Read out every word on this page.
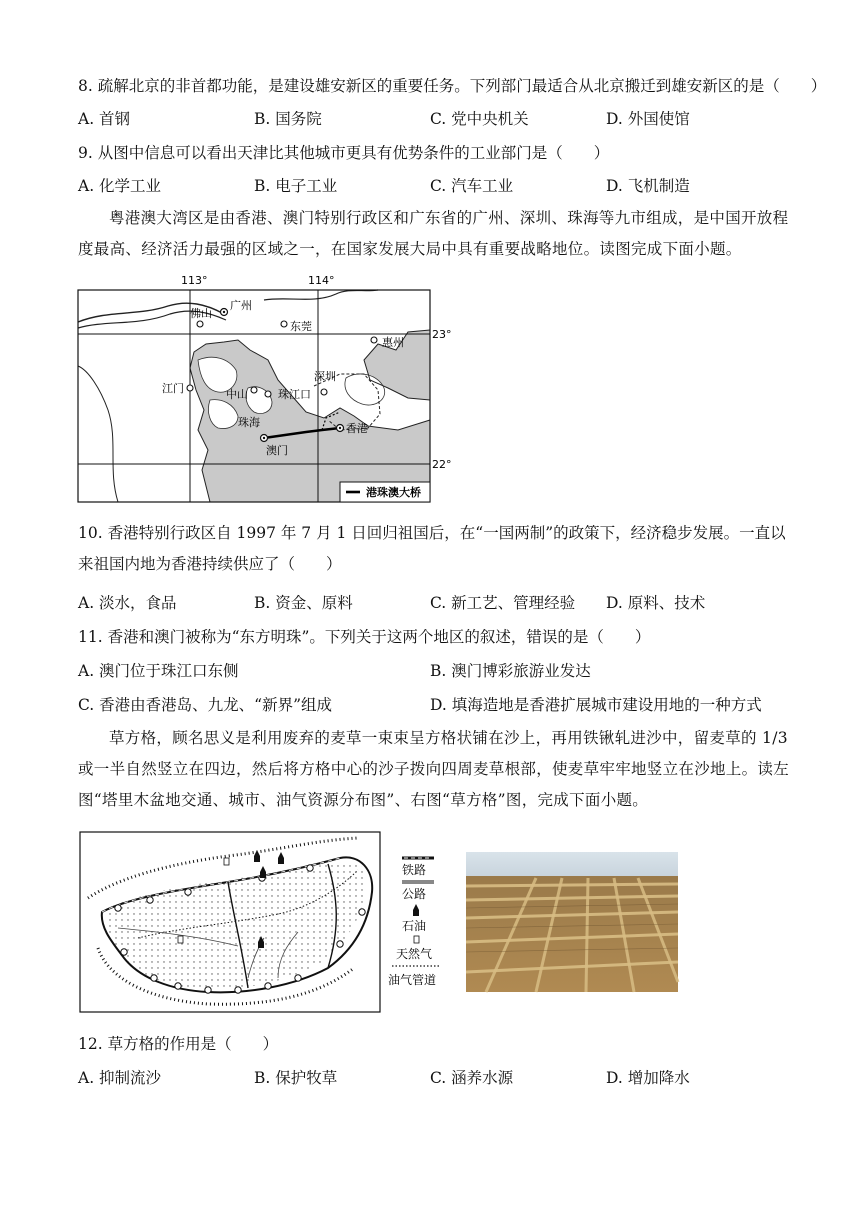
8. 疏解北京的非首都功能，是建设雄安新区的重要任务。下列部门最适合从北京搬迁到雄安新区的是（　　）
A. 首钢	B. 国务院	C. 党中央机关	D. 外国使馆
9. 从图中信息可以看出天津比其他城市更具有优势条件的工业部门是（　　）
A. 化学工业	B. 电子工业	C. 汽车工业	D. 飞机制造
粤港澳大湾区是由香港、澳门特别行政区和广东省的广州、深圳、珠海等九市组成，是中国开放程度最高、经济活力最强的区域之一，在国家发展大局中具有重要战略地位。读图完成下面小题。
113°	114°
23°
22°
广州
佛山
东莞
惠州
江门
深圳
中山	珠江口
珠海	香港
澳门
港珠澳大桥
10. 香港特别行政区自 1997 年 7 月 1 日回归祖国后，在“一国两制”的政策下，经济稳步发展。一直以来祖国内地为香港持续供应了（　　）
A. 淡水，食品	B. 资金、原料	C. 新工艺、管理经验 D. 原料、技术
11. 香港和澳门被称为“东方明珠”。下列关于这两个地区的叙述，错误的是（　　）
A. 澳门位于珠江口东侧	B. 澳门博彩旅游业发达
C. 香港由香港岛、九龙、“新界”组成	D. 填海造地是香港扩展城市建设用地的一种方式
草方格，顾名思义是利用废弃的麦草一束束呈方格状铺在沙上，再用铁锹轧进沙中，留麦草的 1/3 或一半自然竖立在四边，然后将方格中心的沙子拨向四周麦草根部，使麦草牢牢地竖立在沙地上。读左图“塔里木盆地交通、城市、油气资源分布图”、右图“草方格”图，完成下面小题。
铁路
公路
石油
天然气
油气管道
12. 草方格的作用是（　　）
A. 抑制流沙	B. 保护牧草	C. 涵养水源	D. 增加降水
